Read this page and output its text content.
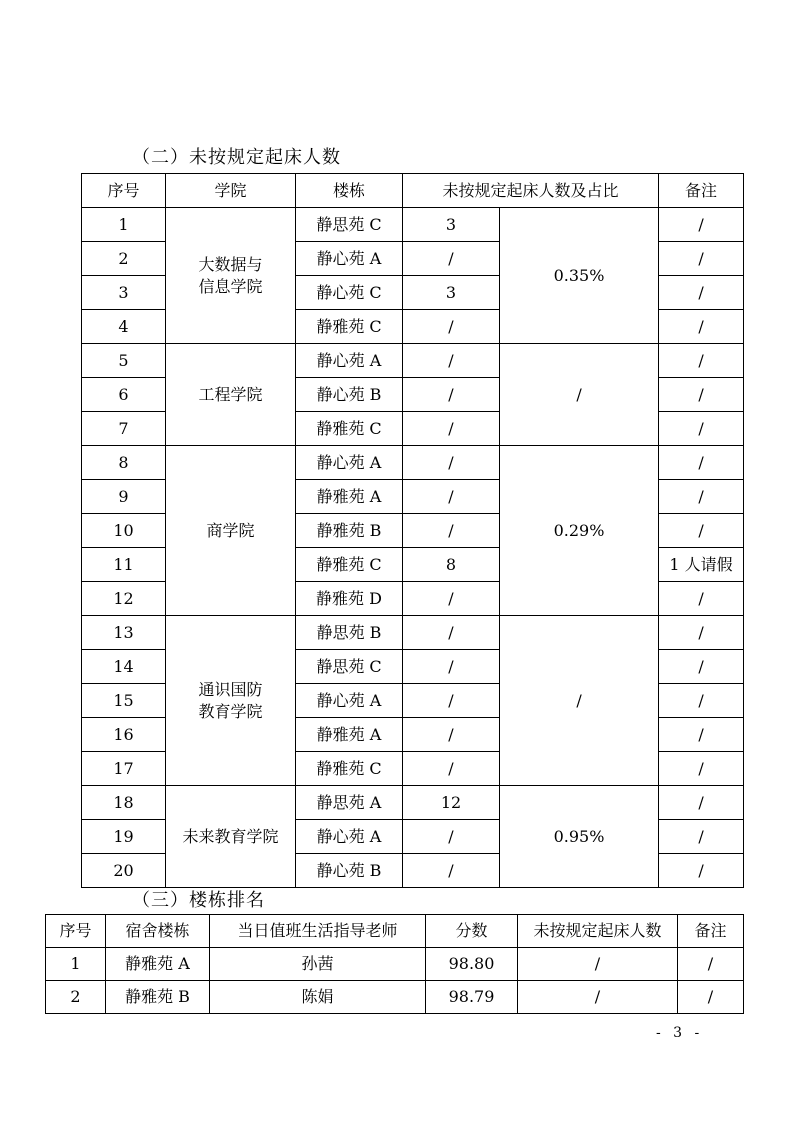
（二）未按规定起床人数
序号	学院	楼栋	未按规定起床人数及占比		备注
1	大数据与
信息学院	静思苑 C	3	0.35%	/
2		静心苑 A	/		/
3		静心苑 C	3		/
4		静雅苑 C	/		/
5	工程学院	静心苑 A	/	/	/
6		静心苑 B	/		/
7		静雅苑 C	/		/
8	商学院	静心苑 A	/	0.29%	/
9		静雅苑 A	/		/
10		静雅苑 B	/		/
11		静雅苑 C	8		1 人请假
12		静雅苑 D	/		/
13	通识国防
教育学院	静思苑 B	/	/	/
14		静思苑 C	/		/
15		静心苑 A	/		/
16		静雅苑 A	/		/
17		静雅苑 C	/		/
18	未来教育学院	静思苑 A	12	0.95%	/
19		静心苑 A	/		/
20		静心苑 B	/		/
（三）楼栋排名
序号	宿舍楼栋	当日值班生活指导老师	分数	未按规定起床人数	备注
1	静雅苑 A	孙茜	98.80	/	/
2	静雅苑 B	陈娟	98.79	/	/
- 3 -
